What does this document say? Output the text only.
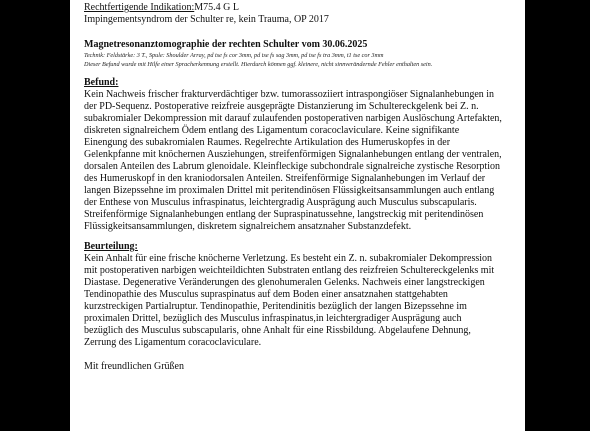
Rechtfertigende Indikation:M75.4 G L
Impingementsyndrom der Schulter re, kein Trauma, OP 2017
Magnetresonanztomographie der rechten Schulter vom 30.06.2025
Technik: Feldstärke: 3 T., Spule: Shoulder Array, pd tse fs cor 3mm, pd tse fs sag 3mm, pd tse fs tra 3mm, t1 tse cor 3mm
Dieser Befund wurde mit Hilfe einer Spracherkennung erstellt. Hierdurch können ggf. kleinere, nicht sinnverändernde Fehler enthalten sein.
Befund:
Kein Nachweis frischer frakturverdächtiger bzw. tumorassoziiert intraspongiöser Signalanhebungen in
der PD-Sequenz. Postoperative reizfreie ausgeprägte Distanzierung im Schultereckgelenk bei Z. n.
subakromialer Dekompression mit darauf zulaufenden postoperativen narbigen Auslöschung Artefakten,
diskreten signalreichem Ödem entlang des Ligamentum coracoclaviculare. Keine signifikante
Einengung des subakromialen Raumes. Regelrechte Artikulation des Humeruskopfes in der
Gelenkpfanne mit knöchernen Ausziehungen, streifenförmigen Signalanhebungen entlang der ventralen,
dorsalen Anteilen des Labrum glenoidale. Kleinfleckige subchondrale signalreiche zystische Resorption
des Humeruskopf in den kraniodorsalen Anteilen. Streifenförmige Signalanhebungen im Verlauf der
langen Bizepssehne im proximalen Drittel mit peritendinösen Flüssigkeitsansammlungen auch entlang
der Enthese von Musculus infraspinatus, leichtergradig Ausprägung auch Musculus subscapularis.
Streifenförmige Signalanhebungen entlang der Supraspinatussehne, langstreckig mit peritendinösen
Flüssigkeitsansammlungen, diskretem signalreichem ansatznaher Substanzdefekt.
Beurteilung:
Kein Anhalt für eine frische knöcherne Verletzung. Es besteht ein Z. n. subakromialer Dekompression
mit postoperativen narbigen weichteildichten Substraten entlang des reizfreien Schultereckgelenks mit
Diastase. Degenerative Veränderungen des glenohumeralen Gelenks. Nachweis einer langstreckigen
Tendinopathie des Musculus supraspinatus auf dem Boden einer ansatznahen stattgehabten
kurzstreckigen Partialruptur. Tendinopathie, Peritendinitis bezüglich der langen Bizepssehne im
proximalen Drittel, bezüglich des Musculus infraspinatus,in leichtergradiger Ausprägung auch
bezüglich des Musculus subscapularis, ohne Anhalt für eine Rissbildung. Abgelaufene Dehnung,
Zerrung des Ligamentum coracoclaviculare.
Mit freundlichen Grüßen
